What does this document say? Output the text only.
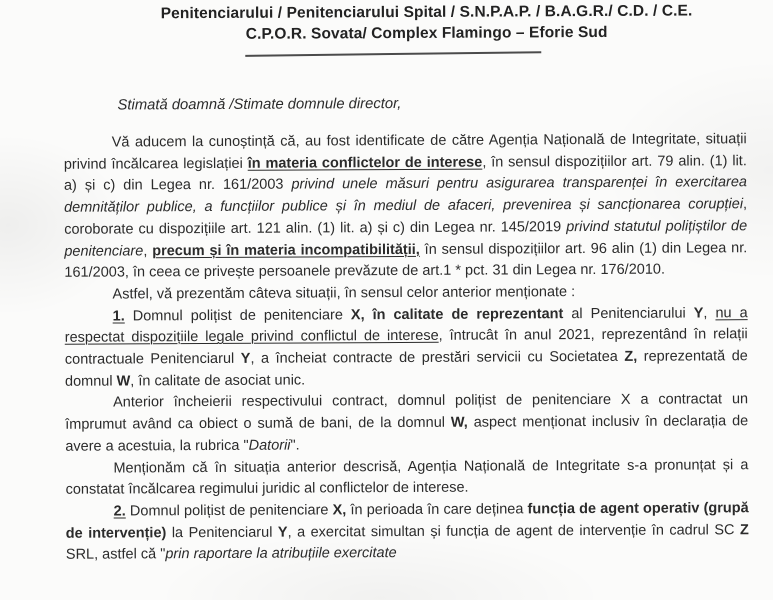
Penitenciarului / Penitenciarului Spital / S.N.P.A.P. / B.A.G.R./ C.D. / C.E.
C.P.O.R. Sovata/ Complex Flamingo – Eforie Sud
Stimată doamnă /Stimate domnule director,

Vă aducem la cunoștință că, au fost identificate de către Agenția Națională de Integritate, situații privind încălcarea legislației în materia conflictelor de interese, în sensul dispozițiilor art. 79 alin. (1) lit. a) și c) din Legea nr. 161/2003 privind unele măsuri pentru asigurarea transparenței în exercitarea demnităților publice, a funcțiilor publice și în mediul de afaceri, prevenirea și sancționarea corupției, coroborate cu dispozițiile art. 121 alin. (1) lit. a) și c) din Legea nr. 145/2019 privind statutul polițiștilor de penitenciare, precum și în materia incompatibilității, în sensul dispozițiilor art. 96 alin (1) din Legea nr. 161/2003, în ceea ce privește persoanele prevăzute de art.1 * pct. 31 din Legea nr. 176/2010.

Astfel, vă prezentăm câteva situații, în sensul celor anterior menționate :

1. Domnul polițist de penitenciare X, în calitate de reprezentant al Penitenciarului Y, nu a respectat dispozițiile legale privind conflictul de interese, întrucât în anul 2021, reprezentând în relații contractuale Penitenciarul Y, a încheiat contracte de prestări servicii cu Societatea Z, reprezentată de domnul W, în calitate de asociat unic.

Anterior încheierii respectivului contract, domnul polițist de penitenciare X a contractat un împrumut având ca obiect o sumă de bani, de la domnul W, aspect menționat inclusiv în declarația de avere a acestuia, la rubrica "Datorii".

Menționăm că în situația anterior descrisă, Agenția Națională de Integritate s-a pronunțat și a constatat încălcarea regimului juridic al conflictelor de interese.

2. Domnul polițist de penitenciare X, în perioada în care deținea funcția de agent operativ (grupă de intervenție) la Penitenciarul Y, a exercitat simultan și funcția de agent de intervenție în cadrul SC Z SRL, astfel că "prin raportare la atribuțiile exercitate
